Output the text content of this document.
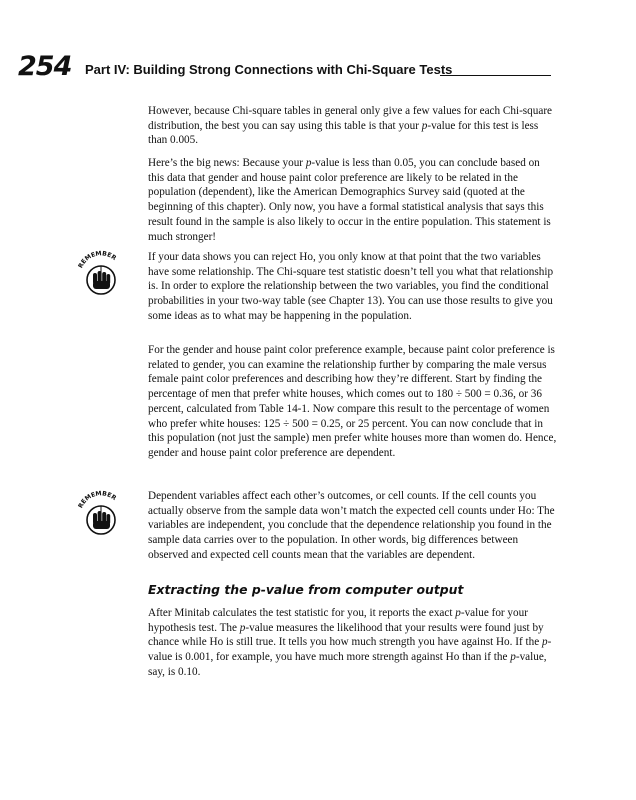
254 Part IV: Building Strong Connections with Chi-Square Tests

However, because Chi-square tables in general only give a few values for each Chi-square distribution, the best you can say using this table is that your p-value for this test is less than 0.005.

Here’s the big news: Because your p-value is less than 0.05, you can conclude based on this data that gender and house paint color preference are likely to be related in the population (dependent), like the American Demographics Survey said (quoted at the beginning of this chapter). Only now, you have a formal statistical analysis that says this result found in the sample is also likely to occur in the entire population. This statement is much stronger!

REMEMBER	If your data shows you can reject Ho, you only know at that point that the two variables have some relationship. The Chi-square test statistic doesn’t tell you what that relationship is. In order to explore the relationship between the two variables, you find the conditional probabilities in your two-way table (see Chapter 13). You can use those results to give you some ideas as to what may be happening in the population.

For the gender and house paint color preference example, because paint color preference is related to gender, you can examine the relationship further by comparing the male versus female paint color preferences and describing how they’re different. Start by finding the percentage of men that prefer white houses, which comes out to 180 ÷ 500 = 0.36, or 36 percent, calculated from Table 14-1. Now compare this result to the percentage of women who prefer white houses: 125 ÷ 500 = 0.25, or 25 percent. You can now conclude that in this population (not just the sample) men prefer white houses more than women do. Hence, gender and house paint color preference are dependent.

REMEMBER	Dependent variables affect each other’s outcomes, or cell counts. If the cell counts you actually observe from the sample data won’t match the expected cell counts under Ho: The variables are independent, you conclude that the dependence relationship you found in the sample data carries over to the population. In other words, big differences between observed and expected cell counts mean that the variables are dependent.

Extracting the p-value from computer output

After Minitab calculates the test statistic for you, it reports the exact p-value for your hypothesis test. The p-value measures the likelihood that your results were found just by chance while Ho is still true. It tells you how much strength you have against Ho. If the p-value is 0.001, for example, you have much more strength against Ho than if the p-value, say, is 0.10.
